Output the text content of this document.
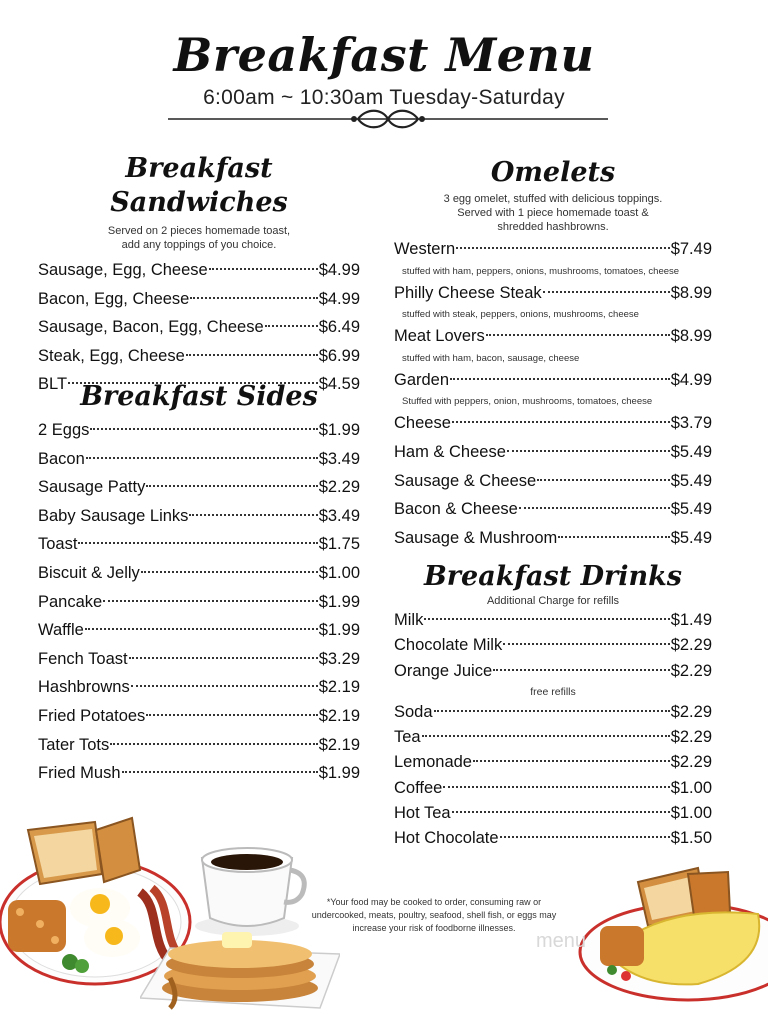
Breakfast Menu
6:00am ~ 10:30am Tuesday-Saturday
Breakfast Sandwiches
Served on 2 pieces homemade toast,
add any toppings of you choice.
Sausage, Egg, Cheese	$4.99
Bacon, Egg, Cheese	$4.99
Sausage, Bacon, Egg, Cheese	$6.49
Steak, Egg, Cheese	$6.99
BLT	$4.59
Breakfast Sides
2 Eggs	$1.99
Bacon	$3.49
Sausage Patty	$2.29
Baby Sausage Links	$3.49
Toast	$1.75
Biscuit & Jelly	$1.00
Pancake	$1.99
Waffle	$1.99
Fench Toast	$3.29
Hashbrowns	$2.19
Fried Potatoes	$2.19
Tater Tots	$2.19
Fried Mush	$1.99
Omelets
3 egg omelet, stuffed with delicious toppings.
Served with 1 piece homemade toast &
shredded hashbrowns.
Western	$7.49
stuffed with ham, peppers, onions, mushrooms, tomatoes, cheese
Philly Cheese Steak	$8.99
stuffed with steak, peppers, onions, mushrooms, cheese
Meat Lovers	$8.99
stuffed with ham, bacon, sausage, cheese
Garden	$4.99
Stuffed with peppers, onion, mushrooms, tomatoes, cheese
Cheese	$3.79
Ham & Cheese	$5.49
Sausage & Cheese	$5.49
Bacon & Cheese	$5.49
Sausage & Mushroom	$5.49
Breakfast Drinks
Additional Charge for refills
Milk	$1.49
Chocolate Milk	$2.29
Orange Juice	$2.29
free refills
Soda	$2.29
Tea	$2.29
Lemonade	$2.29
Coffee	$1.00
Hot Tea	$1.00
Hot Chocolate	$1.50
*Your food may be cooked to order, consuming raw or
undercooked, meats, poultry, seafood, shell fish, or eggs may
increase your risk of foodborne illnesses.
menu
